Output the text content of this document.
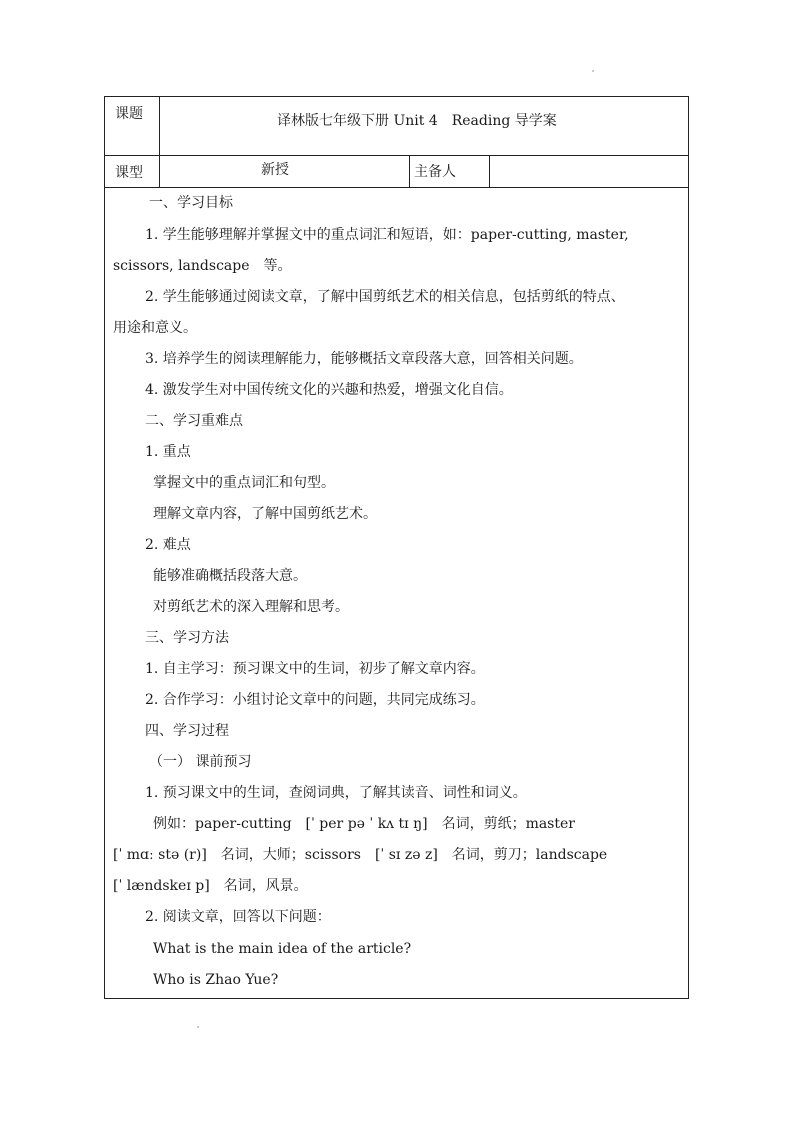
课题	译林版七年级下册 Unit 4　Reading 导学案
课型	新授	主备人
一、学习目标
1. 学生能够理解并掌握文中的重点词汇和短语，如：paper-cutting, master,
scissors, landscape　等。
2. 学生能够通过阅读文章，了解中国剪纸艺术的相关信息，包括剪纸的特点、
用途和意义。
3. 培养学生的阅读理解能力，能够概括文章段落大意，回答相关问题。
4. 激发学生对中国传统文化的兴趣和热爱，增强文化自信。
二、学习重难点
1. 重点
掌握文中的重点词汇和句型。
理解文章内容，了解中国剪纸艺术。
2. 难点
能够准确概括段落大意。
对剪纸艺术的深入理解和思考。
三、学习方法
1. 自主学习：预习课文中的生词，初步了解文章内容。
2. 合作学习：小组讨论文章中的问题，共同完成练习。
四、学习过程
（一） 课前预习
1. 预习课文中的生词，查阅词典，了解其读音、词性和词义。
例如：paper-cutting　[ˈ per pə ˈ kʌ tɪ ŋ]　名词，剪纸；master
[ˈ mɑː stə (r)]　名词，大师；scissors　[ˈ sɪ zə z]　名词，剪刀；landscape
[ˈ lændskeɪ p]　名词，风景。
2. 阅读文章，回答以下问题：
What is the main idea of the article?
Who is Zhao Yue?
